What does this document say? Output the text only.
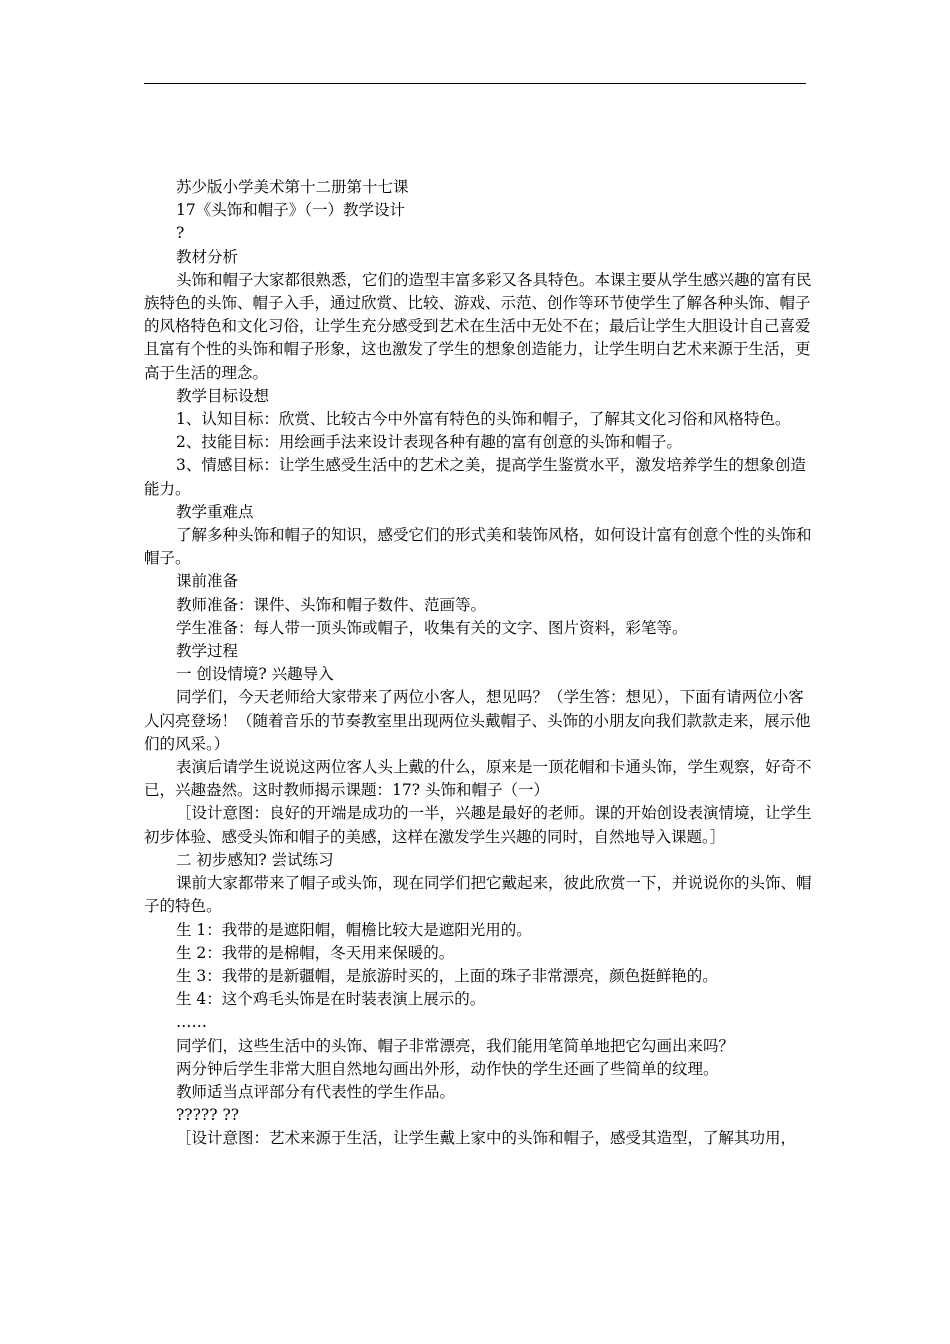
苏少版小学美术第十二册第十七课

17《头饰和帽子》（一）教学设计

?

教材分析

头饰和帽子大家都很熟悉，它们的造型丰富多彩又各具特色。本课主要从学生感兴趣的富有民族特色的头饰、帽子入手，通过欣赏、比较、游戏、示范、创作等环节使学生了解各种头饰、帽子的风格特色和文化习俗，让学生充分感受到艺术在生活中无处不在；最后让学生大胆设计自己喜爱且富有个性的头饰和帽子形象，这也激发了学生的想象创造能力，让学生明白艺术来源于生活，更高于生活的理念。

教学目标设想

1、认知目标：欣赏、比较古今中外富有特色的头饰和帽子，了解其文化习俗和风格特色。

2、技能目标：用绘画手法来设计表现各种有趣的富有创意的头饰和帽子。

3、情感目标：让学生感受生活中的艺术之美，提高学生鉴赏水平，激发培养学生的想象创造能力。

教学重难点

了解多种头饰和帽子的知识，感受它们的形式美和装饰风格，如何设计富有创意个性的头饰和帽子。

课前准备

教师准备：课件、头饰和帽子数件、范画等。

学生准备：每人带一顶头饰或帽子，收集有关的文字、图片资料，彩笔等。

教学过程

一 创设情境? 兴趣导入

同学们，今天老师给大家带来了两位小客人，想见吗？（学生答：想见），下面有请两位小客人闪亮登场！（随着音乐的节奏教室里出现两位头戴帽子、头饰的小朋友向我们款款走来，展示他们的风采。）

表演后请学生说说这两位客人头上戴的什么，原来是一顶花帽和卡通头饰，学生观察，好奇不已，兴趣盎然。这时教师揭示课题：17? 头饰和帽子（一）

［设计意图：良好的开端是成功的一半，兴趣是最好的老师。课的开始创设表演情境，让学生初步体验、感受头饰和帽子的美感，这样在激发学生兴趣的同时，自然地导入课题。］

二 初步感知? 尝试练习

课前大家都带来了帽子或头饰，现在同学们把它戴起来，彼此欣赏一下，并说说你的头饰、帽子的特色。

生 1：我带的是遮阳帽，帽檐比较大是遮阳光用的。

生 2：我带的是棉帽，冬天用来保暖的。

生 3：我带的是新疆帽，是旅游时买的，上面的珠子非常漂亮，颜色挺鲜艳的。

生 4：这个鸡毛头饰是在时装表演上展示的。

……

同学们，这些生活中的头饰、帽子非常漂亮，我们能用笔简单地把它勾画出来吗？

两分钟后学生非常大胆自然地勾画出外形，动作快的学生还画了些简单的纹理。

教师适当点评部分有代表性的学生作品。

????? ??

［设计意图：艺术来源于生活，让学生戴上家中的头饰和帽子，感受其造型，了解其功用，
